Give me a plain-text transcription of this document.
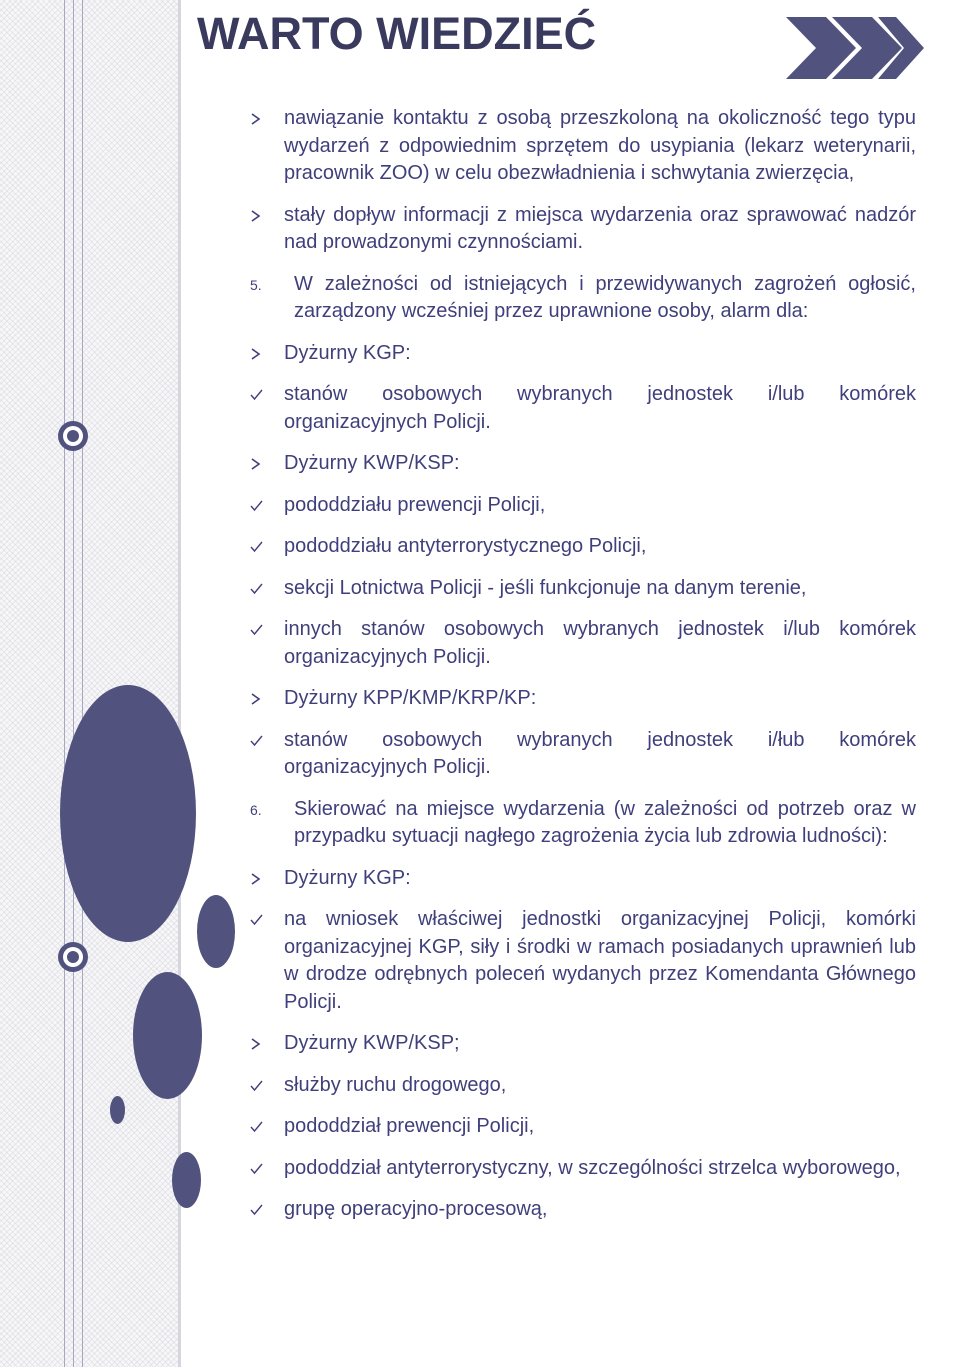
WARTO WIEDZIEĆ
nawiązanie kontaktu z osobą przeszkoloną na okoliczność tego typu wydarzeń z odpowiednim sprzętem do usypiania (lekarz weterynarii, pracownik ZOO) w celu obezwładnienia i schwytania zwierzęcia,
stały dopływ informacji z miejsca wydarzenia oraz sprawować nadzór nad prowadzonymi czynnościami.
5. W zależności od istniejących i przewidywanych zagrożeń ogłosić, zarządzony wcześniej przez uprawnione osoby, alarm dla:
Dyżurny KGP:
stanów osobowych wybranych jednostek i/lub komórek organizacyjnych Policji.
Dyżurny KWP/KSP:
pododdziału prewencji Policji,
pododdziału antyterrorystycznego Policji,
sekcji Lotnictwa Policji - jeśli funkcjonuje na danym terenie,
innych stanów osobowych wybranych jednostek i/lub komórek organizacyjnych Policji.
Dyżurny KPP/KMP/KRP/KP:
stanów osobowych wybranych jednostek i/łub komórek organizacyjnych Policji.
6. Skierować na miejsce wydarzenia (w zależności od potrzeb oraz w przypadku sytuacji nagłego zagrożenia życia lub zdrowia ludności):
Dyżurny KGP:
na wniosek właściwej jednostki organizacyjnej Policji, komórki organizacyjnej KGP, siły i środki w ramach posiadanych uprawnień lub w drodze odrębnych poleceń wydanych przez Komendanta Głównego Policji.
Dyżurny KWP/KSP;
służby ruchu drogowego,
pododdział prewencji Policji,
pododdział antyterrorystyczny, w szczególności strzelca wyborowego,
grupę operacyjno-procesową,
